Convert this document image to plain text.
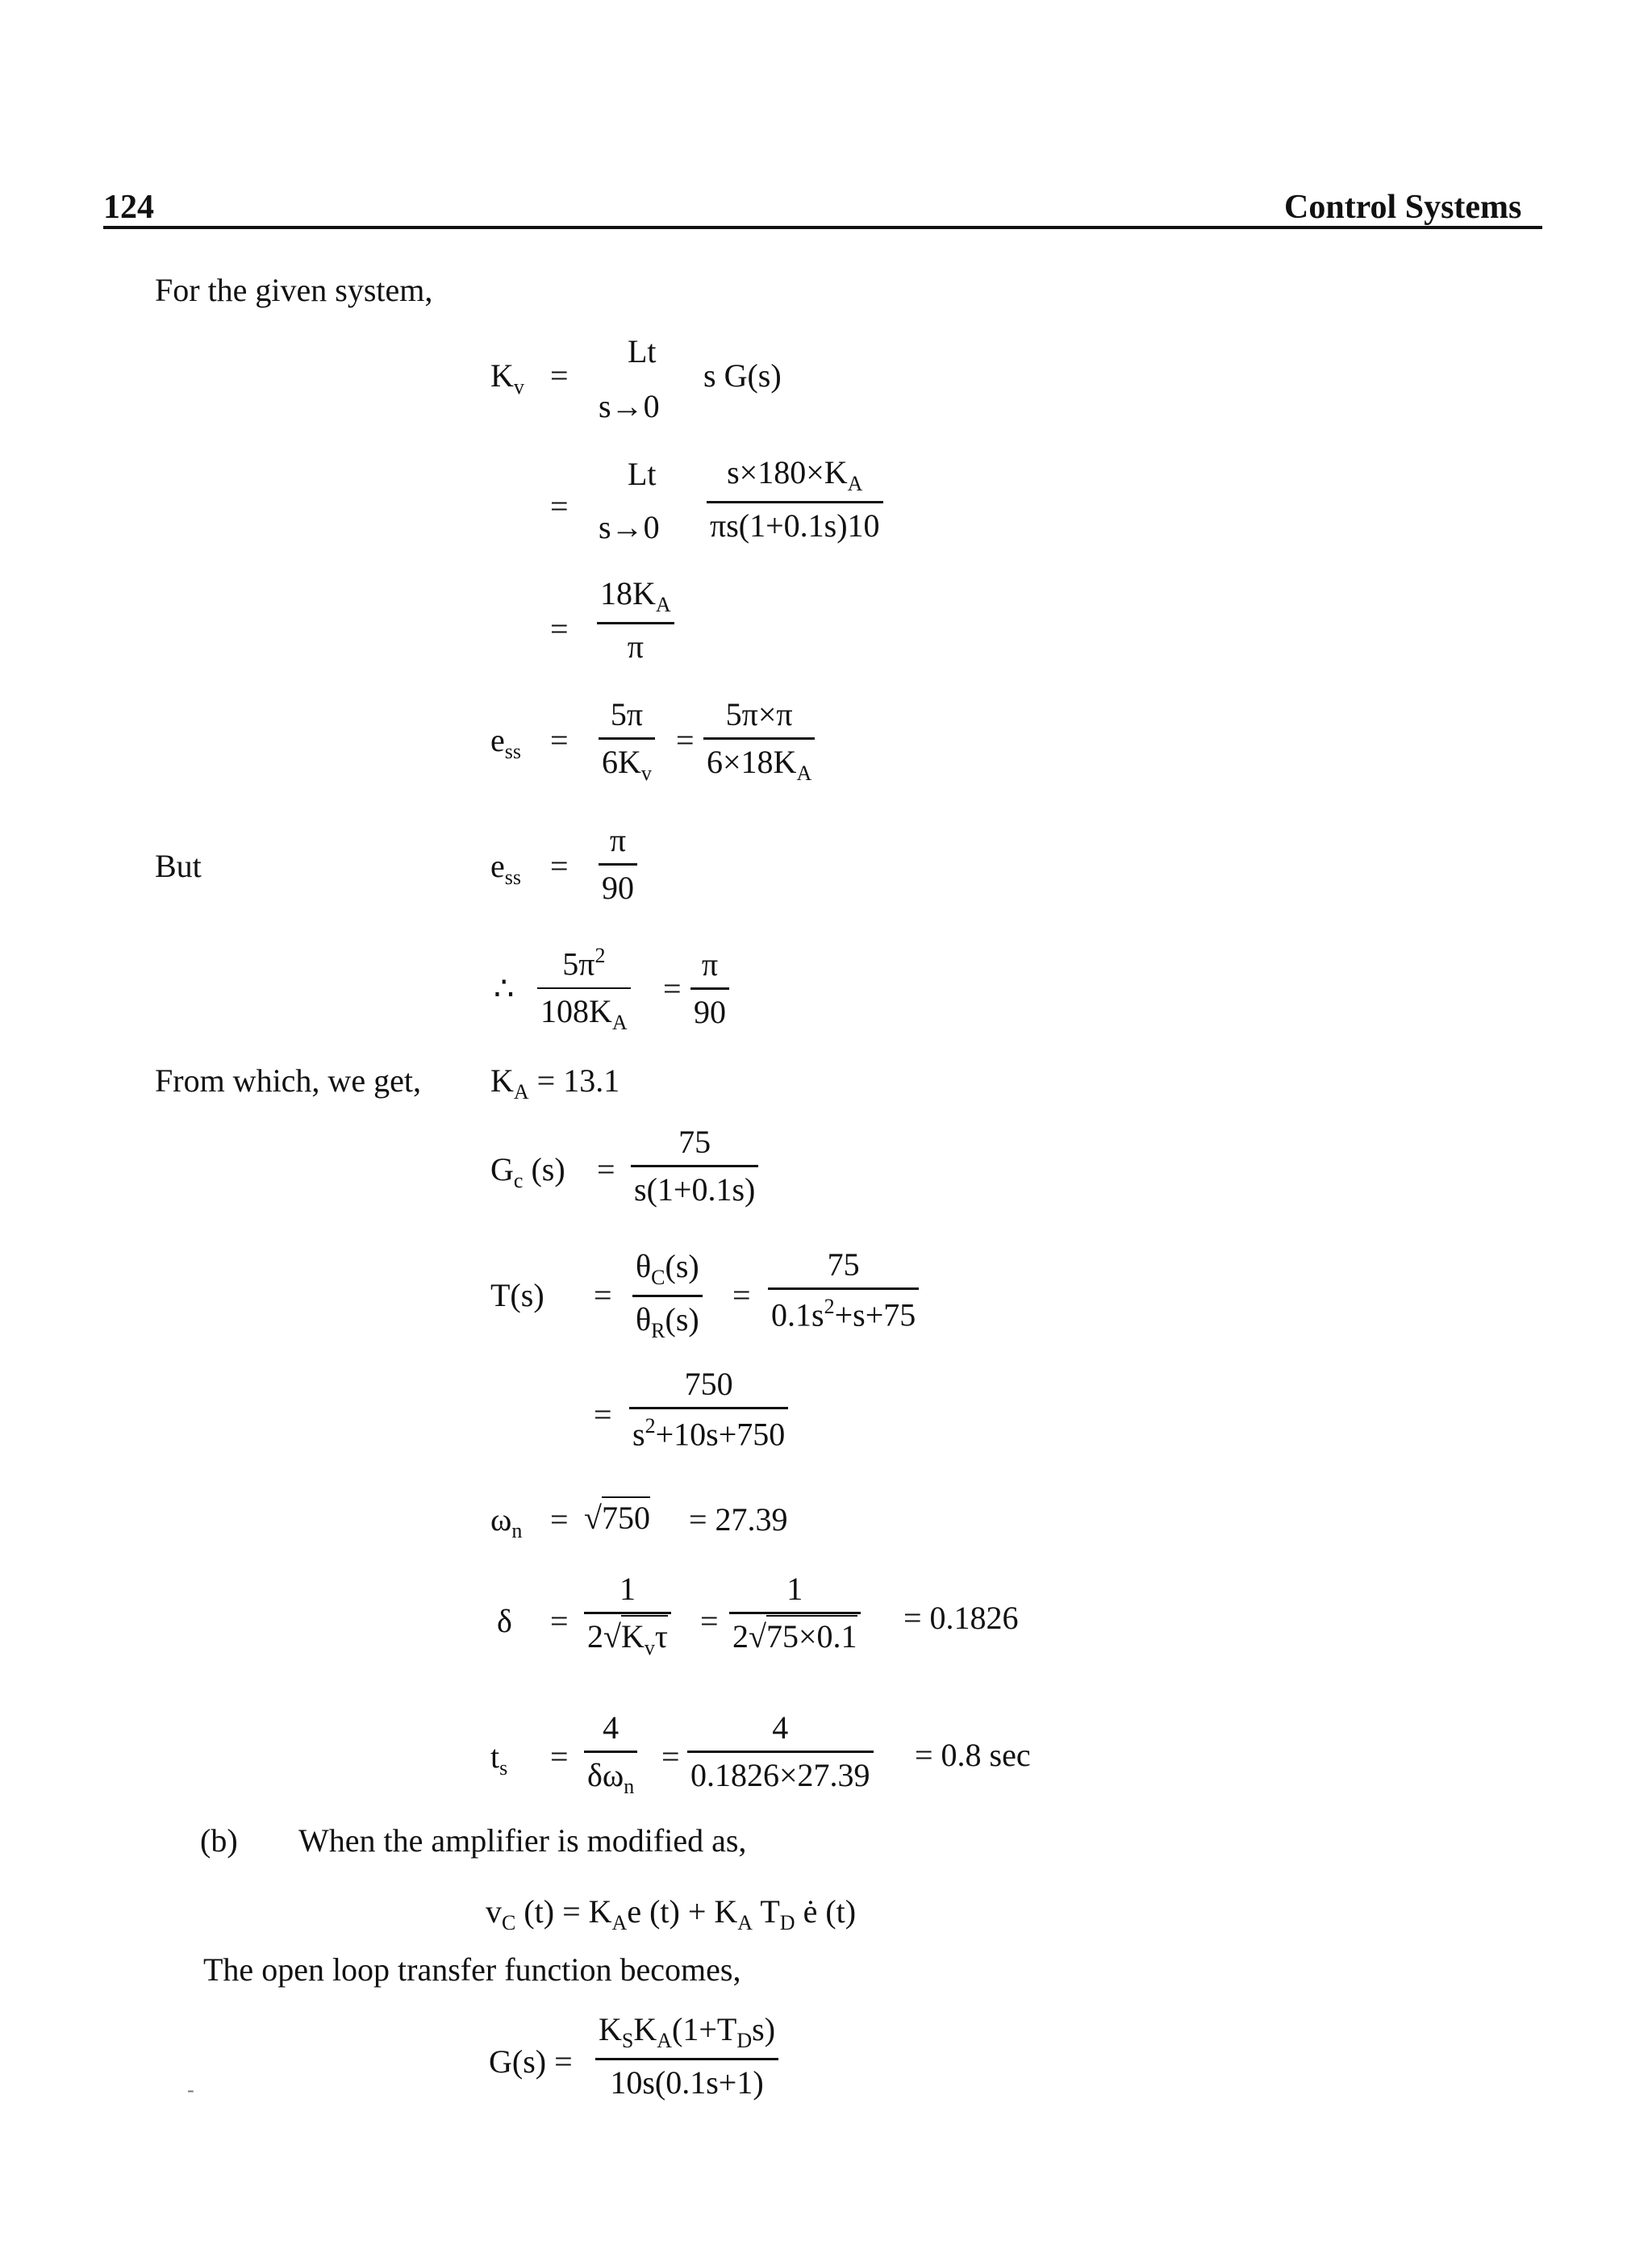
124	Control Systems
For the given system,
$K_v$ =
Lt
s→0
s G(s)
=
Lt
s→0
$s\times 180\times K_A$
πs(1+0.1s)10
=
$18K_A$
π
$e_{ss}$ =
5π
$6K_v$
=
5π×π
$6\times 18K_A$
But	$e_{ss}$ =
π
90
∴
$5\pi^2$
$108K_A$
=
π
90
From which, we get, $K_A = 13.1$
$G_c$ (s) =
75
s(1+0.1s)
T(s) =
$\theta_C(s)$
$\theta_R(s)$
=
75
$0.1s^2+s+75$
=
750
$s^2+10s+750$
$\omega_n = √750 = 27.39$
δ =
1
$2√K_v\tau$ =
1
2√75×0.1 = 0.1826
$t_s$ =
4
$\delta\omega_n$
=
4
0.1826×27.39
= 0.8 sec
(b) When the amplifier is modified as,
$v_C$ $(t) = K_Ae$ $(t) + K_A$ $T_D$ ė (t)
The open loop transfer function becomes,
G(s) =
$K_SK_A(1+T_Ds)$
10s(0.1s+1)
-
